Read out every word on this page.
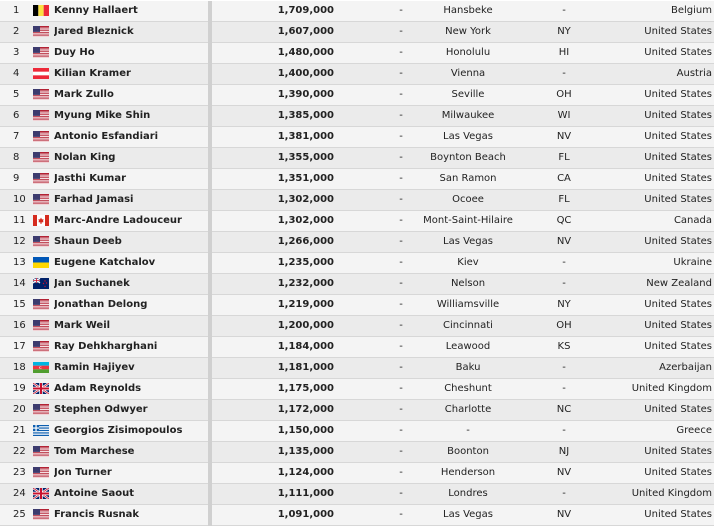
1	Kenny Hallaert	1,709,000	-	Hansbeke	-	Belgium
2	Jared Bleznick	1,607,000	-	New York	NY	United States
3	Duy Ho	1,480,000	-	Honolulu	HI	United States
4	Kilian Kramer	1,400,000	-	Vienna	-	Austria
5	Mark Zullo	1,390,000	-	Seville	OH	United States
6	Myung Mike Shin	1,385,000	-	Milwaukee	WI	United States
7	Antonio Esfandiari	1,381,000	-	Las Vegas	NV	United States
8	Nolan King	1,355,000	-	Boynton Beach	FL	United States
9	Jasthi Kumar	1,351,000	-	San Ramon	CA	United States
10	Farhad Jamasi	1,302,000	-	Ocoee	FL	United States
11	Marc-Andre Ladouceur	1,302,000	-	Mont-Saint-Hilaire	QC	Canada
12	Shaun Deeb	1,266,000	-	Las Vegas	NV	United States
13	Eugene Katchalov	1,235,000	-	Kiev	-	Ukraine
14	Jan Suchanek	1,232,000	-	Nelson	-	New Zealand
15	Jonathan Delong	1,219,000	-	Williamsville	NY	United States
16	Mark Weil	1,200,000	-	Cincinnati	OH	United States
17	Ray Dehkharghani	1,184,000	-	Leawood	KS	United States
18	Ramin Hajiyev	1,181,000	-	Baku	-	Azerbaijan
19	Adam Reynolds	1,175,000	-	Cheshunt	-	United Kingdom
20	Stephen Odwyer	1,172,000	-	Charlotte	NC	United States
21	Georgios Zisimopoulos	1,150,000	-	-	-	Greece
22	Tom Marchese	1,135,000	-	Boonton	NJ	United States
23	Jon Turner	1,124,000	-	Henderson	NV	United States
24	Antoine Saout	1,111,000	-	Londres	-	United Kingdom
25	Francis Rusnak	1,091,000	-	Las Vegas	NV	United States
